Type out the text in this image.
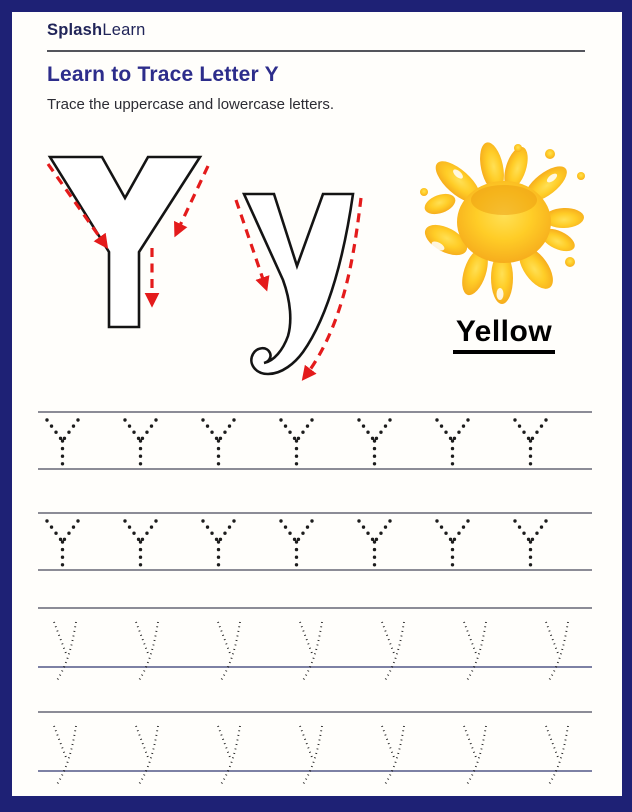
SplashLearn
Learn to Trace Letter Y

Trace the uppercase and lowercase letters.

Yellow
